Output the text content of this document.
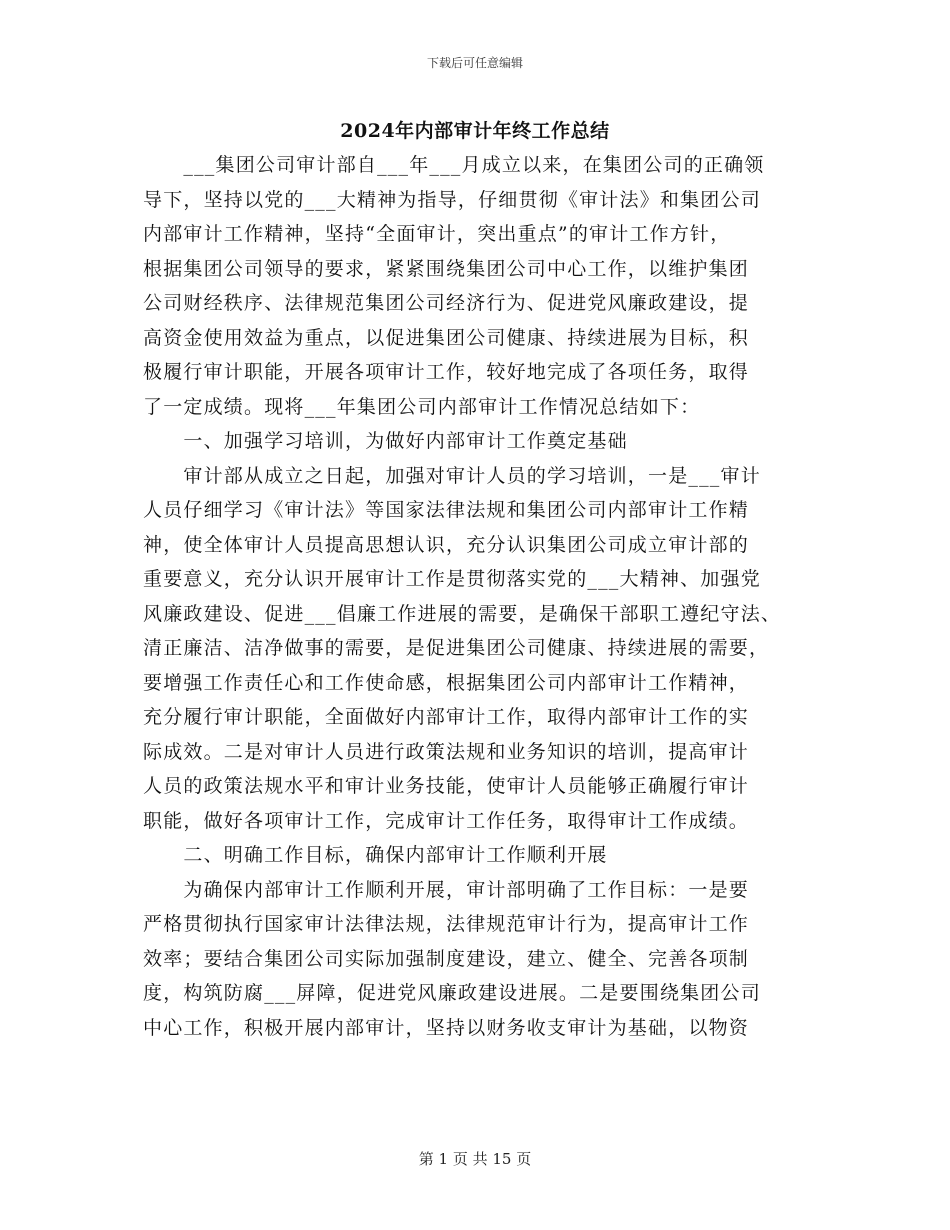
下载后可任意编辑
2024年内部审计年终工作总结
　　___集团公司审计部自___年___月成立以来，在集团公司的正确领
导下，坚持以党的___大精神为指导，仔细贯彻《审计法》和集团公司
内部审计工作精神，坚持“全面审计，突出重点”的审计工作方针，
根据集团公司领导的要求，紧紧围绕集团公司中心工作，以维护集团
公司财经秩序、法律规范集团公司经济行为、促进党风廉政建设，提
高资金使用效益为重点，以促进集团公司健康、持续进展为目标，积
极履行审计职能，开展各项审计工作，较好地完成了各项任务，取得
了一定成绩。现将___年集团公司内部审计工作情况总结如下：
　　一、加强学习培训，为做好内部审计工作奠定基础
　　审计部从成立之日起，加强对审计人员的学习培训，一是___审计
人员仔细学习《审计法》等国家法律法规和集团公司内部审计工作精
神，使全体审计人员提高思想认识，充分认识集团公司成立审计部的
重要意义，充分认识开展审计工作是贯彻落实党的___大精神、加强党
风廉政建设、促进___倡廉工作进展的需要，是确保干部职工遵纪守法、
清正廉洁、洁净做事的需要，是促进集团公司健康、持续进展的需要，
要增强工作责任心和工作使命感，根据集团公司内部审计工作精神，
充分履行审计职能，全面做好内部审计工作，取得内部审计工作的实
际成效。二是对审计人员进行政策法规和业务知识的培训，提高审计
人员的政策法规水平和审计业务技能，使审计人员能够正确履行审计
职能，做好各项审计工作，完成审计工作任务，取得审计工作成绩。
　　二、明确工作目标，确保内部审计工作顺利开展
　　为确保内部审计工作顺利开展，审计部明确了工作目标：一是要
严格贯彻执行国家审计法律法规，法律规范审计行为，提高审计工作
效率；要结合集团公司实际加强制度建设，建立、健全、完善各项制
度，构筑防腐___屏障，促进党风廉政建设进展。二是要围绕集团公司
中心工作，积极开展内部审计，坚持以财务收支审计为基础，以物资
第 1 页 共 15 页
